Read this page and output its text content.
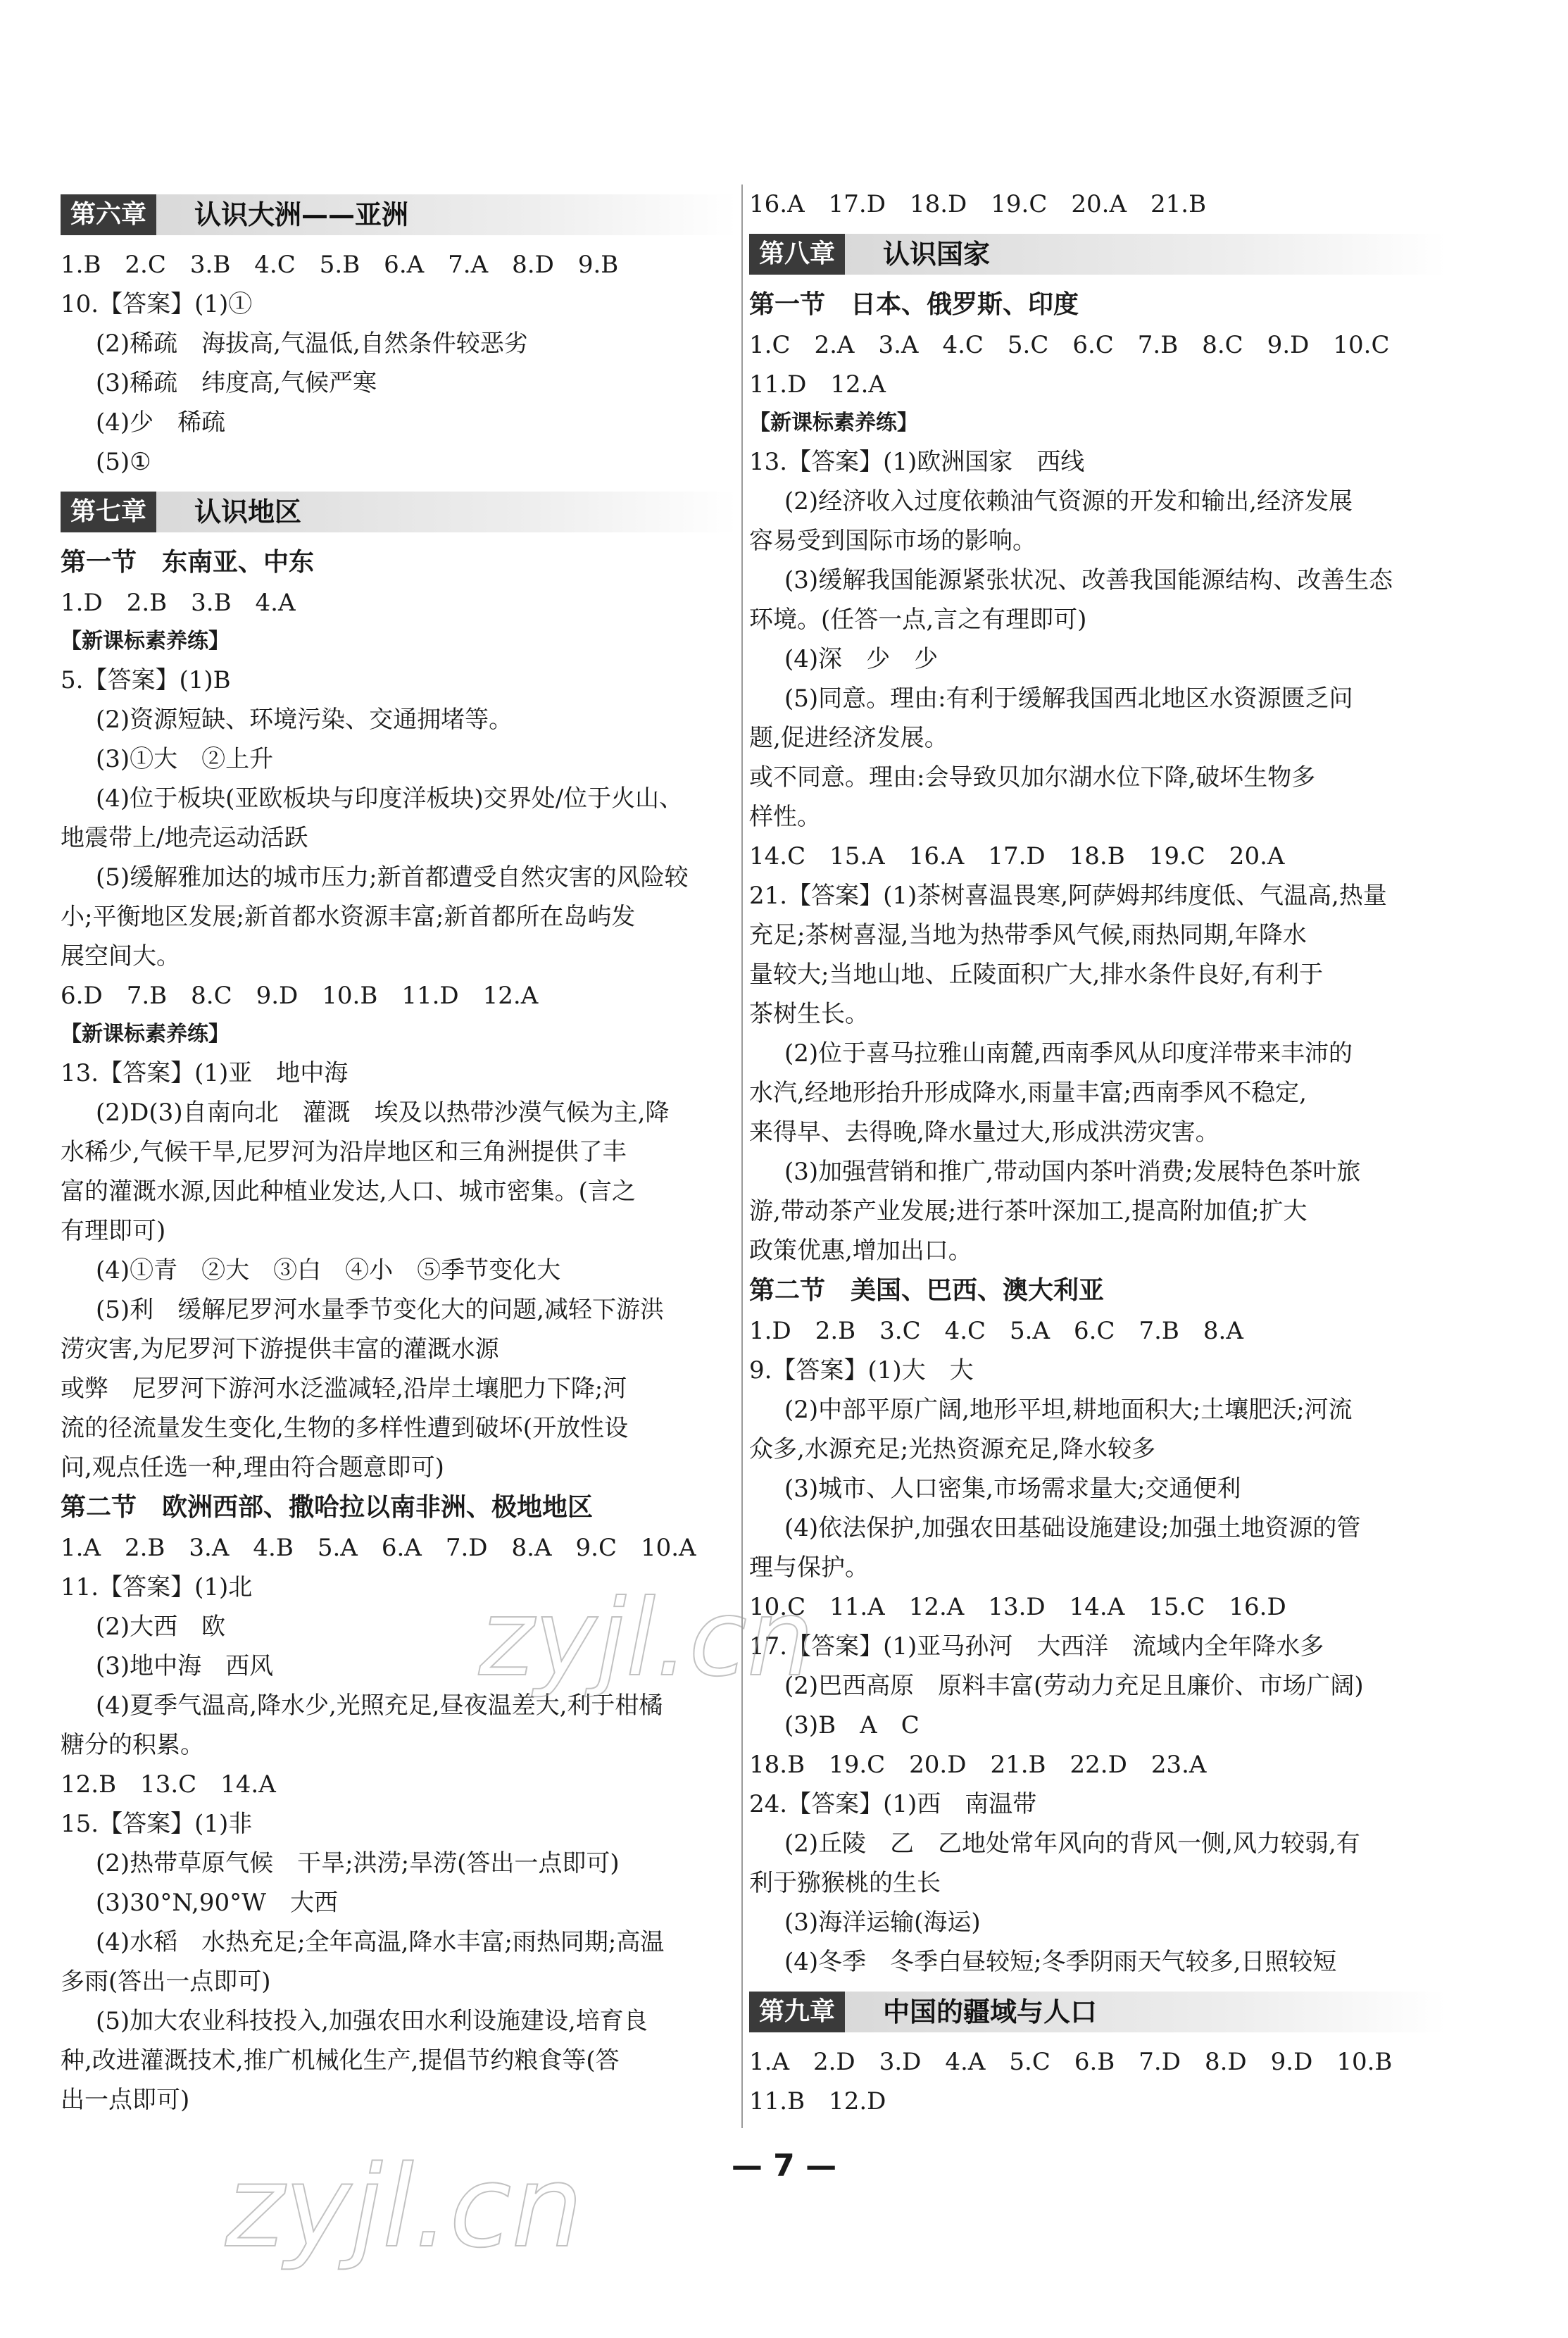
第六章	认识大洲——亚洲
1.B　2.C　3.B　4.C　5.B　6.A　7.A　8.D　9.B
10.【答案】(1)①
(2)稀疏　海拔高,气温低,自然条件较恶劣
(3)稀疏　纬度高,气候严寒
(4)少　稀疏
(5)①
第七章	认识地区
第一节　东南亚、中东
1.D　2.B　3.B　4.A
【新课标素养练】
5.【答案】(1)B
(2)资源短缺、环境污染、交通拥堵等。
(3)①大　②上升
(4)位于板块(亚欧板块与印度洋板块)交界处/位于火山、
地震带上/地壳运动活跃
(5)缓解雅加达的城市压力;新首都遭受自然灾害的风险较
小;平衡地区发展;新首都水资源丰富;新首都所在岛屿发
展空间大。
6.D　7.B　8.C　9.D　10.B　11.D　12.A
【新课标素养练】
13.【答案】(1)亚　地中海
(2)D(3)自南向北　灌溉　埃及以热带沙漠气候为主,降
水稀少,气候干旱,尼罗河为沿岸地区和三角洲提供了丰
富的灌溉水源,因此种植业发达,人口、城市密集。(言之
有理即可)
(4)①青　②大　③白　④小　⑤季节变化大
(5)利　缓解尼罗河水量季节变化大的问题,减轻下游洪
涝灾害,为尼罗河下游提供丰富的灌溉水源
或弊　尼罗河下游河水泛滥减轻,沿岸土壤肥力下降;河
流的径流量发生变化,生物的多样性遭到破坏(开放性设
问,观点任选一种,理由符合题意即可)
第二节　欧洲西部、撒哈拉以南非洲、极地地区
1.A　2.B　3.A　4.B　5.A　6.A　7.D　8.A　9.C　10.A
11.【答案】(1)北
(2)大西　欧
(3)地中海　西风
(4)夏季气温高,降水少,光照充足,昼夜温差大,利于柑橘
糖分的积累。
12.B　13.C　14.A
15.【答案】(1)非
(2)热带草原气候　干旱;洪涝;旱涝(答出一点即可)
(3)30°N,90°W　大西
(4)水稻　水热充足;全年高温,降水丰富;雨热同期;高温
多雨(答出一点即可)
(5)加大农业科技投入,加强农田水利设施建设,培育良
种,改进灌溉技术,推广机械化生产,提倡节约粮食等(答
出一点即可)
16.A　17.D　18.D　19.C　20.A　21.B
第八章	认识国家
第一节　日本、俄罗斯、印度
1.C　2.A　3.A　4.C　5.C　6.C　7.B　8.C　9.D　10.C
11.D　12.A
【新课标素养练】
13.【答案】(1)欧洲国家　西线
(2)经济收入过度依赖油气资源的开发和输出,经济发展
容易受到国际市场的影响。
(3)缓解我国能源紧张状况、改善我国能源结构、改善生态
环境。(任答一点,言之有理即可)
(4)深　少　少
(5)同意。理由:有利于缓解我国西北地区水资源匮乏问
题,促进经济发展。
或不同意。理由:会导致贝加尔湖水位下降,破坏生物多
样性。
14.C　15.A　16.A　17.D　18.B　19.C　20.A
21.【答案】(1)茶树喜温畏寒,阿萨姆邦纬度低、气温高,热量
充足;茶树喜湿,当地为热带季风气候,雨热同期,年降水
量较大;当地山地、丘陵面积广大,排水条件良好,有利于
茶树生长。
(2)位于喜马拉雅山南麓,西南季风从印度洋带来丰沛的
水汽,经地形抬升形成降水,雨量丰富;西南季风不稳定,
来得早、去得晚,降水量过大,形成洪涝灾害。
(3)加强营销和推广,带动国内茶叶消费;发展特色茶叶旅
游,带动茶产业发展;进行茶叶深加工,提高附加值;扩大
政策优惠,增加出口。
第二节　美国、巴西、澳大利亚
1.D　2.B　3.C　4.C　5.A　6.C　7.B　8.A
9.【答案】(1)大　大
(2)中部平原广阔,地形平坦,耕地面积大;土壤肥沃;河流
众多,水源充足;光热资源充足,降水较多
(3)城市、人口密集,市场需求量大;交通便利
(4)依法保护,加强农田基础设施建设;加强土地资源的管
理与保护。
10.C　11.A　12.A　13.D　14.A　15.C　16.D
17.【答案】(1)亚马孙河　大西洋　流域内全年降水多
(2)巴西高原　原料丰富(劳动力充足且廉价、市场广阔)
(3)B　A　C
18.B　19.C　20.D　21.B　22.D　23.A
24.【答案】(1)西　南温带
(2)丘陵　乙　乙地处常年风向的背风一侧,风力较弱,有
利于猕猴桃的生长
(3)海洋运输(海运)
(4)冬季　冬季白昼较短;冬季阴雨天气较多,日照较短
第九章	中国的疆域与人口
1.A　2.D　3.D　4.A　5.C　6.B　7.D　8.D　9.D　10.B
11.B　12.D
— 7 —
zyjl.cn
zyjl.cn
